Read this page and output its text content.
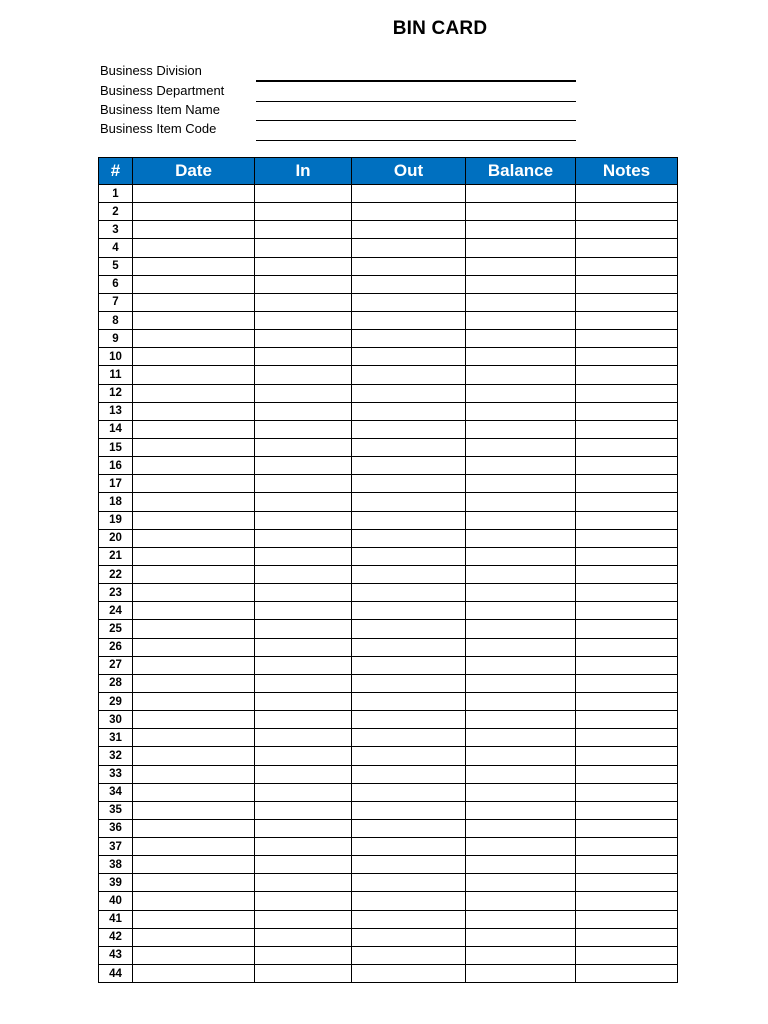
BIN CARD
Business Division
Business Department
Business Item Name
Business Item Code
#	Date	In	Out	Balance	Notes
1					
2					
3					
4					
5					
6					
7					
8					
9					
10					
11					
12					
13					
14					
15					
16					
17					
18					
19					
20					
21					
22					
23					
24					
25					
26					
27					
28					
29					
30					
31					
32					
33					
34					
35					
36					
37					
38					
39					
40					
41					
42					
43					
44					
